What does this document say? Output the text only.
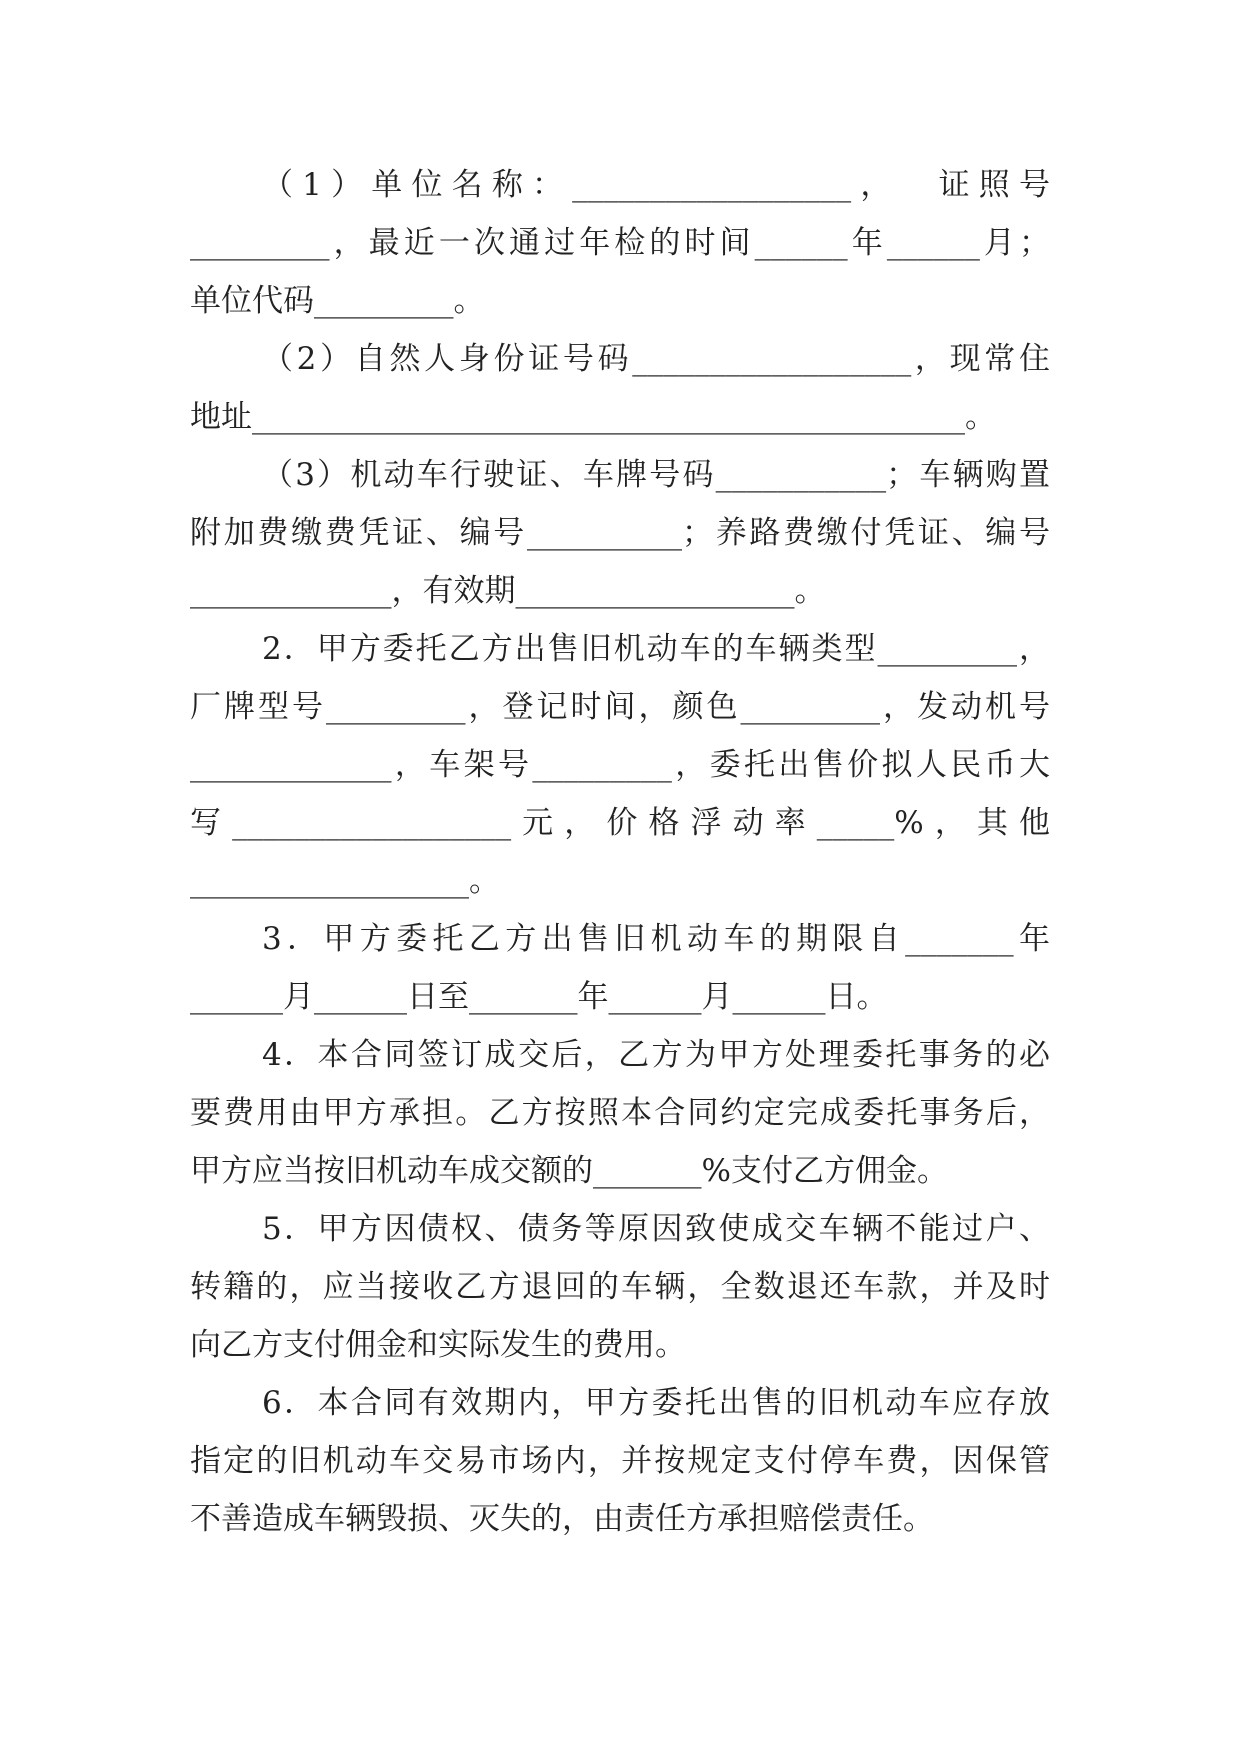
（1）单位名称：__________________，  证照号
_________，最近一次通过年检的时间______年______月；
单位代码_________。
（2）自然人身份证号码__________________，现常住
地址______________________________________________。
（3）机动车行驶证、车牌号码___________；车辆购置
附加费缴费凭证、编号__________；养路费缴付凭证、编号
_____________，有效期__________________。
2．甲方委托乙方出售旧机动车的车辆类型_________，
厂牌型号_________，登记时间，颜色_________，发动机号
_____________，车架号_________，委托出售价拟人民币大
写__________________元，价格浮动率_____%，其他
__________________。
3．甲方委托乙方出售旧机动车的期限自_______年
______月______日至_______年______月______日。
4．本合同签订成交后，乙方为甲方处理委托事务的必
要费用由甲方承担。乙方按照本合同约定完成委托事务后，
甲方应当按旧机动车成交额的_______%支付乙方佣金。
5．甲方因债权、债务等原因致使成交车辆不能过户、
转籍的，应当接收乙方退回的车辆，全数退还车款，并及时
向乙方支付佣金和实际发生的费用。
6．本合同有效期内，甲方委托出售的旧机动车应存放
指定的旧机动车交易市场内，并按规定支付停车费，因保管
不善造成车辆毁损、灭失的，由责任方承担赔偿责任。
